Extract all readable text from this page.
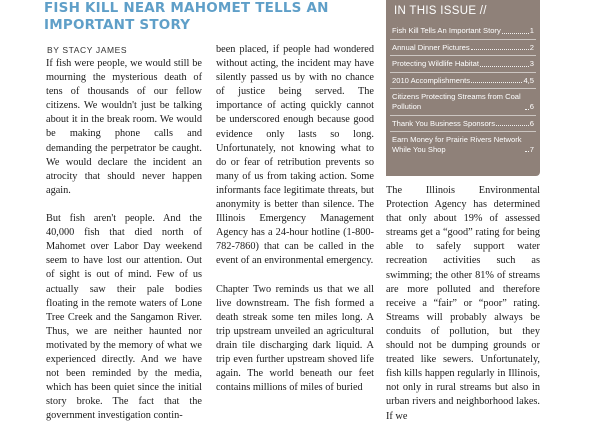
FISH KILL NEAR MAHOMET TELLS AN IMPORTANT STORY
BY STACY JAMES

If fish were people, we would still be mourning the mysterious death of tens of thousands of our fellow citizens. We wouldn't just be talking about it in the break room. We would be making phone calls and demanding the perpetrator be caught. We would declare the incident an atrocity that should never happen again.

But fish aren't people. And the 40,000 fish that died north of Mahomet over Labor Day weekend seem to have lost our attention. Out of sight is out of mind. Few of us actually saw their pale bodies floating in the remote waters of Lone Tree Creek and the Sangamon River. Thus, we are neither haunted nor motivated by the memory of what we experienced directly. And we have not been reminded by the media, which has been quiet since the initial story broke. The fact that the government investigation contin-

been placed, if people had wondered without acting, the incident may have silently passed us by with no chance of justice being served. The importance of acting quickly cannot be underscored enough because good evidence only lasts so long. Unfortunately, not knowing what to do or fear of retribution prevents so many of us from taking action. Some informants face legitimate threats, but anonymity is better than silence. The Illinois Emergency Management Agency has a 24-hour hotline (1-800-782-7860) that can be called in the event of an environmental emergency.

Chapter Two reminds us that we all live downstream. The fish formed a death streak some ten miles long. A trip upstream unveiled an agricultural drain tile discharging dark liquid. A trip even further upstream shoved life again. The world beneath our feet contains millions of miles of buried

IN THIS ISSUE //
Fish Kill Tells An Important Story	1
Annual Dinner Pictures	2
Protecting Wildlife Habitat	3
2010 Accomplishments	4,5
Citizens Protecting Streams from Coal Pollution	6
Thank You Business Sponsors	6
Earn Money for Prairie Rivers Network While You Shop	7

The Illinois Environmental Protection Agency has determined that only about 19% of assessed streams get a “good” rating for being able to safely support water recreation activities such as swimming; the other 81% of streams are more polluted and therefore receive a “fair” or “poor” rating. Streams will probably always be conduits of pollution, but they should not be dumping grounds or treated like sewers. Unfortunately, fish kills happen regularly in Illinois, not only in rural streams but also in urban rivers and neighborhood lakes. If we
